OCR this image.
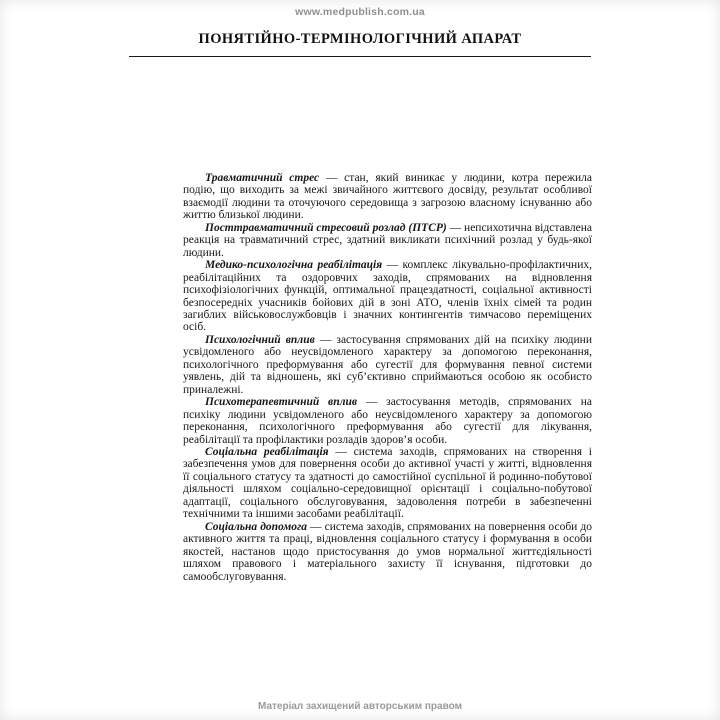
www.medpublish.com.ua
ПОНЯТІЙНО-ТЕРМІНОЛОГІЧНИЙ АПАРАТ

Травматичний стрес — стан, який виникає у людини, котра пережила подію, що виходить за межі звичайного життєвого досвіду, результат особливої взаємодії людини та оточуючого середовища з загрозою власному існуванню або життю близької людини.

Посттравматичний стресовий розлад (ПТСР) — непсихотична відставлена реакція на травматичний стрес, здатний викликати психічний розлад у будь-якої людини.

Медико-психологічна реабілітація — комплекс лікувально-профілактичних, реабілітаційних та оздоровчих заходів, спрямованих на відновлення психофізіологічних функцій, оптимальної працездатності, соціальної активності безпосередніх учасників бойових дій в зоні АТО, членів їхніх сімей та родин загиблих військовослужбовців і значних контингентів тимчасово переміщених осіб.

Психологічний вплив — застосування спрямованих дій на психіку людини усвідомленого або неусвідомленого характеру за допомогою переконання, психологічного преформування або сугестії для формування певної системи уявлень, дій та відношень, які суб’єктивно сприймаються особою як особисто приналежні.

Психотерапевтичний вплив — застосування методів, спрямованих на психіку людини усвідомленого або неусвідомленого характеру за допомогою переконання, психологічного преформування або сугестії для лікування, реабілітації та профілактики розладів здоров’я особи.

Соціальна реабілітація — система заходів, спрямованих на створення і забезпечення умов для повернення особи до активної участі у житті, відновлення її соціального статусу та здатності до самостійної суспільної й родинно-побутової діяльності шляхом соціально-середовищної орієнтації і соціально-побутової адаптації, соціального обслуговування, задоволення потреби в забезпеченні технічними та іншими засобами реабілітації.

Соціальна допомога — система заходів, спрямованих на повернення особи до активного життя та праці, відновлення соціального статусу і формування в особи якостей, настанов щодо пристосування до умов нормальної життєдіяльності шляхом правового і матеріального захисту її існування, підготовки до самообслуговування.

Матеріал захищений авторським правом
